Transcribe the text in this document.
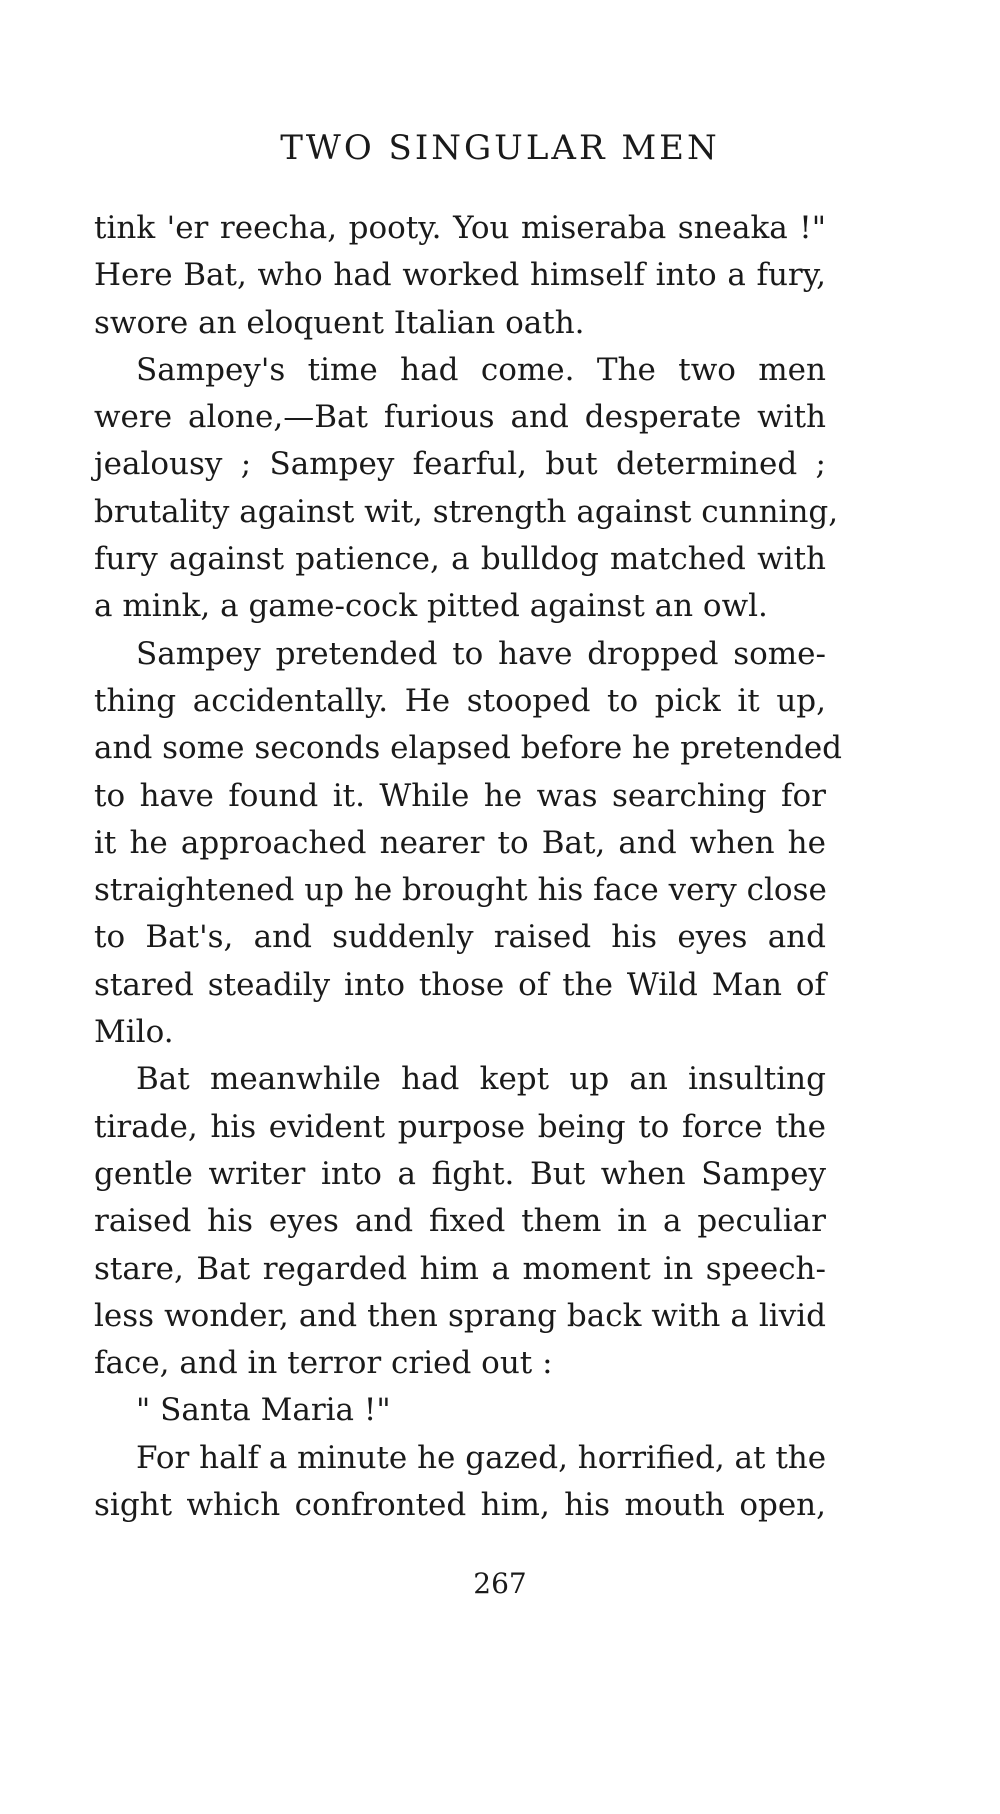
TWO SINGULAR MEN

tink 'er reecha, pooty. You miseraba sneaka !"
Here Bat, who had worked himself into a fury,
swore an eloquent Italian oath.

Sampey's time had come. The two men
were alone,—Bat furious and desperate with
jealousy ; Sampey fearful, but determined ;
brutality against wit, strength against cunning,
fury against patience, a bulldog matched with
a mink, a game-cock pitted against an owl.

Sampey pretended to have dropped some-
thing accidentally. He stooped to pick it up,
and some seconds elapsed before he pretended
to have found it. While he was searching for
it he approached nearer to Bat, and when he
straightened up he brought his face very close
to Bat's, and suddenly raised his eyes and
stared steadily into those of the Wild Man of
Milo.

Bat meanwhile had kept up an insulting
tirade, his evident purpose being to force the
gentle writer into a fight. But when Sampey
raised his eyes and fixed them in a peculiar
stare, Bat regarded him a moment in speech-
less wonder, and then sprang back with a livid
face, and in terror cried out :

" Santa Maria !"

For half a minute he gazed, horrified, at the
sight which confronted him, his mouth open,

267
